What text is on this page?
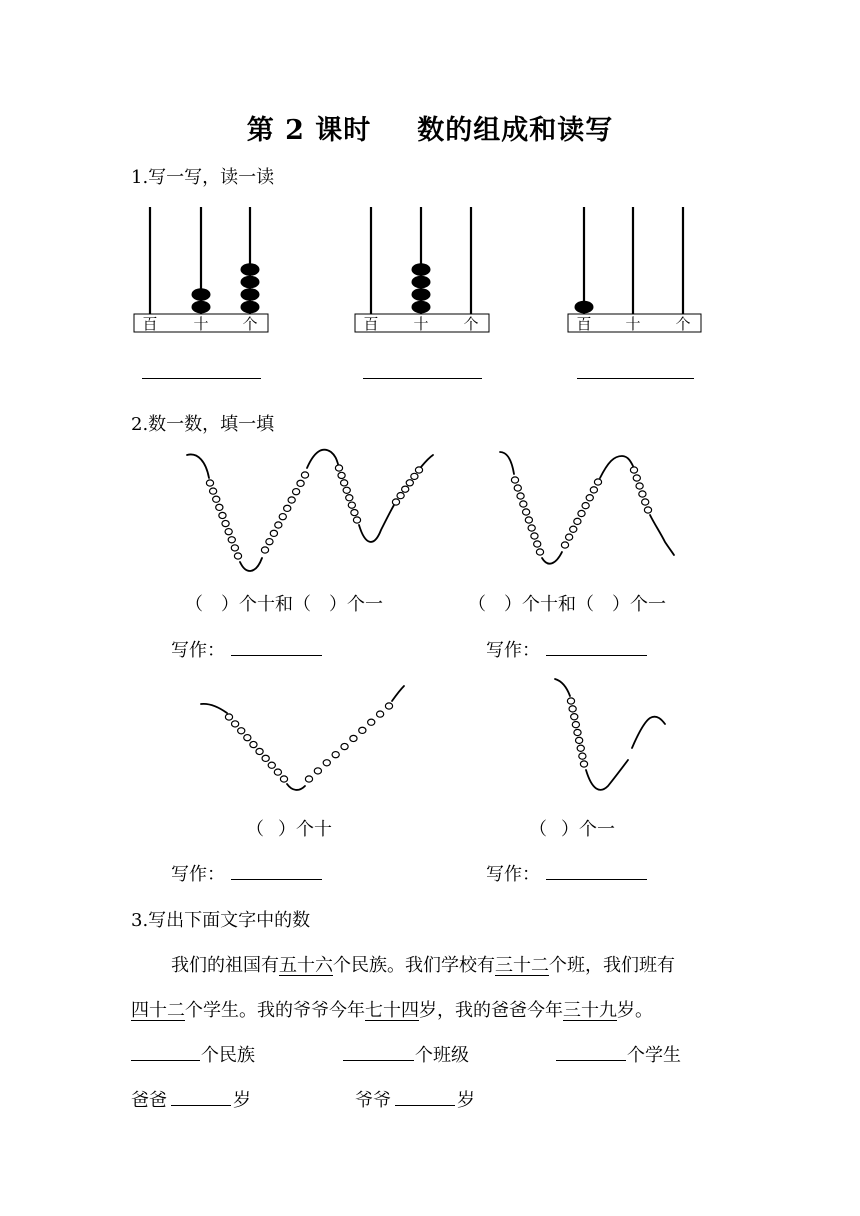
第 2 课时 数的组成和读写
1.写一写，读一读
百 十 个	百 十 个	百 十 个
2.数一数，填一填
（ ）个十和（ ）个一	（ ）个十和（ ）个一
写作：	写作：
（ ）个十	（ ）个一
写作：	写作：
3.写出下面文字中的数
我们的祖国有五十六个民族。我们学校有三十二个班，我们班有
四十二个学生。我的爷爷今年七十四岁，我的爸爸今年三十九岁。
个民族	个班级	个学生
爸爸	岁	爷爷	岁
